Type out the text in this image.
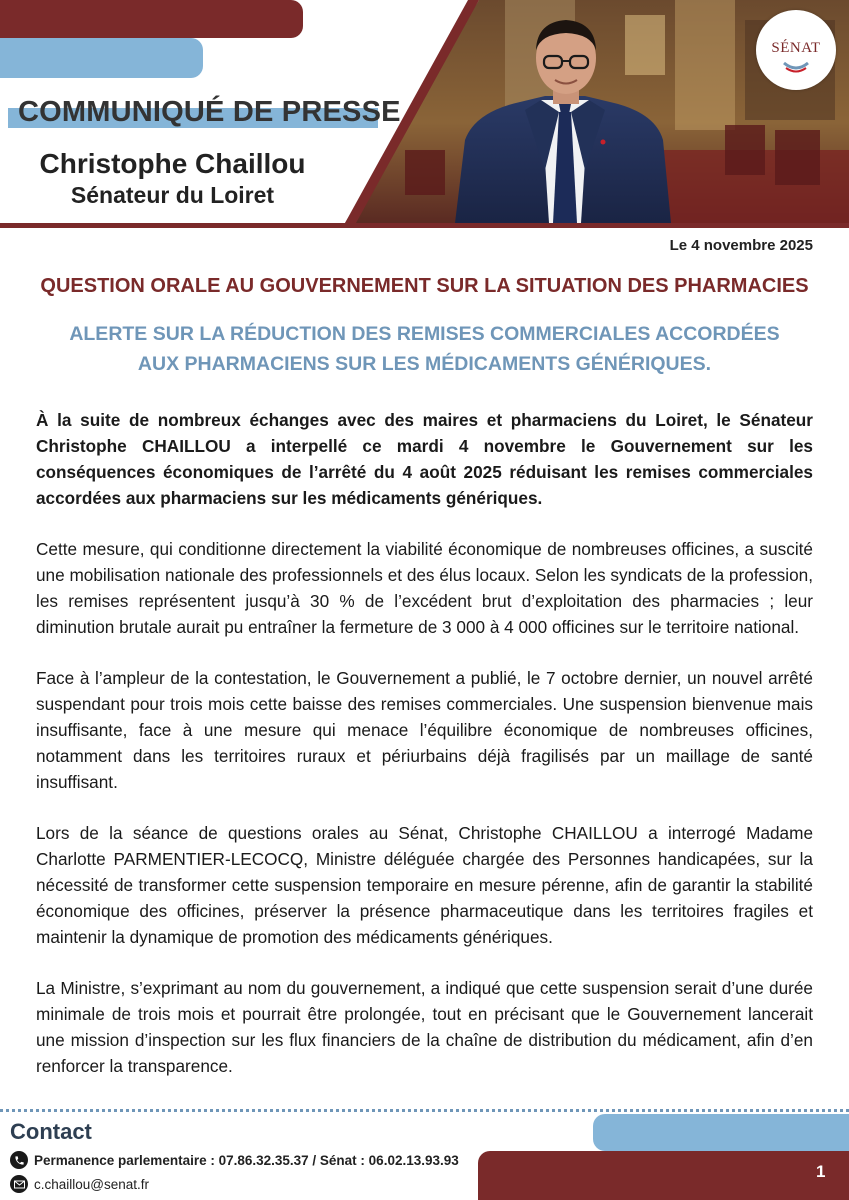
COMMUNIQUÉ DE PRESSE
Christophe Chaillou
Sénateur du Loiret
SÉNAT
Le 4 novembre 2025
QUESTION ORALE AU GOUVERNEMENT SUR LA SITUATION DES PHARMACIES
ALERTE SUR LA RÉDUCTION DES REMISES COMMERCIALES ACCORDÉES AUX PHARMACIENS SUR LES MÉDICAMENTS GÉNÉRIQUES.

À la suite de nombreux échanges avec des maires et pharmaciens du Loiret, le Sénateur Christophe CHAILLOU a interpellé ce mardi 4 novembre le Gouvernement sur les conséquences économiques de l’arrêté du 4 août 2025 réduisant les remises commerciales accordées aux pharmaciens sur les médicaments génériques.

Cette mesure, qui conditionne directement la viabilité économique de nombreuses officines, a suscité une mobilisation nationale des professionnels et des élus locaux. Selon les syndicats de la profession, les remises représentent jusqu’à 30 % de l’excédent brut d’exploitation des pharmacies ; leur diminution brutale aurait pu entraîner la fermeture de 3 000 à 4 000 officines sur le territoire national.

Face à l’ampleur de la contestation, le Gouvernement a publié, le 7 octobre dernier, un nouvel arrêté suspendant pour trois mois cette baisse des remises commerciales. Une suspension bienvenue mais insuffisante, face à une mesure qui menace l’équilibre économique de nombreuses officines, notamment dans les territoires ruraux et périurbains déjà fragilisés par un maillage de santé insuffisant.

Lors de la séance de questions orales au Sénat, Christophe CHAILLOU a interrogé Madame Charlotte PARMENTIER-LECOCQ, Ministre déléguée chargée des Personnes handicapées, sur la nécessité de transformer cette suspension temporaire en mesure pérenne, afin de garantir la stabilité économique des officines, préserver la présence pharmaceutique dans les territoires fragiles et maintenir la dynamique de promotion des médicaments génériques.

La Ministre, s’exprimant au nom du gouvernement, a indiqué que cette suspension serait d’une durée minimale de trois mois et pourrait être prolongée, tout en précisant que le Gouvernement lancerait une mission d’inspection sur les flux financiers de la chaîne de distribution du médicament, afin d’en renforcer la transparence.

Contact
1
Permanence parlementaire : 07.86.32.35.37 / Sénat : 06.02.13.93.93
c.chaillou@senat.fr
